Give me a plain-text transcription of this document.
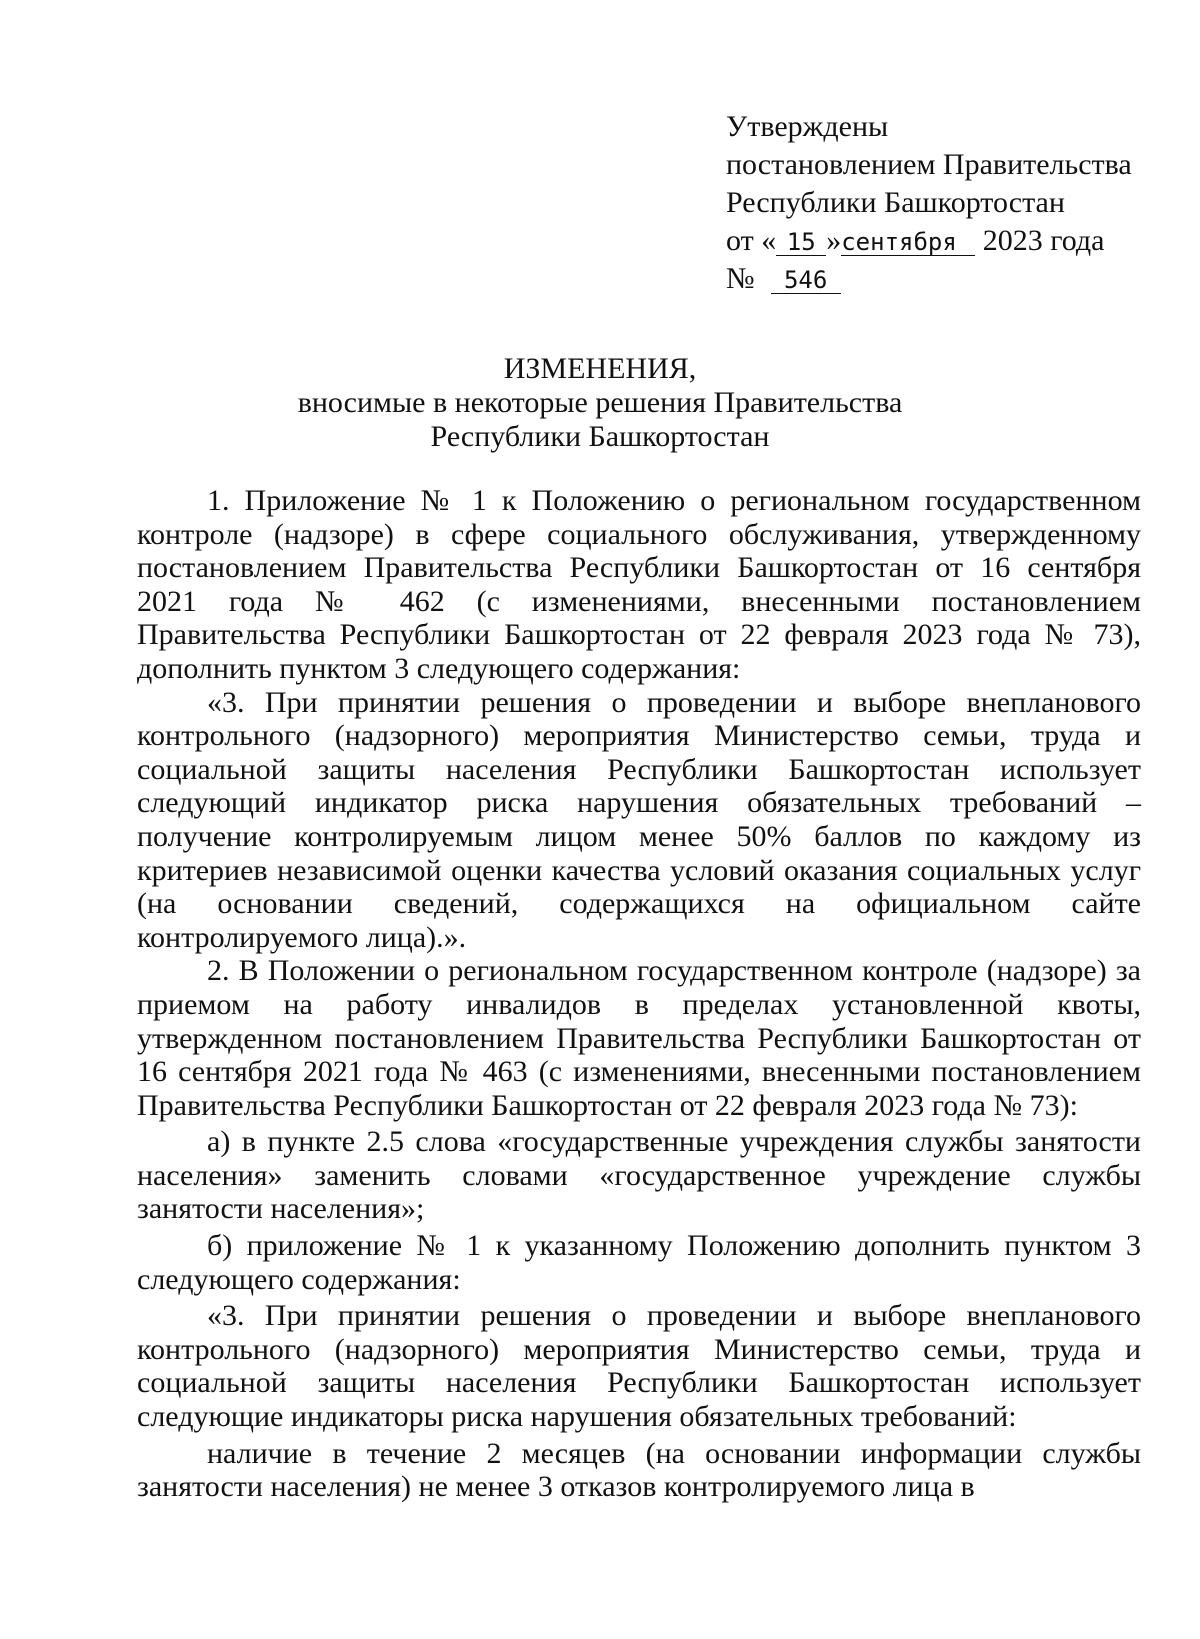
Утверждены
постановлением Правительства
Республики Башкортостан
от « 15 »сентября 2023 года
№ 546
ИЗМЕНЕНИЯ,
вносимые в некоторые решения Правительства
Республики Башкортостан

1. Приложение № 1 к Положению о региональном государственном контроле (надзоре) в сфере социального обслуживания, утвержденному постановлением Правительства Республики Башкортостан от 16 сентября 2021 года № 462 (с изменениями, внесенными постановлением Правительства Республики Башкортостан от 22 февраля 2023 года № 73), дополнить пунктом 3 следующего содержания:

«3. При принятии решения о проведении и выборе внепланового контрольного (надзорного) мероприятия Министерство семьи, труда и социальной защиты населения Республики Башкортостан использует следующий индикатор риска нарушения обязательных требований – получение контролируемым лицом менее 50% баллов по каждому из критериев независимой оценки качества условий оказания социальных услуг (на основании сведений, содержащихся на официальном сайте контролируемого лица).».

2. В Положении о региональном государственном контроле (надзоре) за приемом на работу инвалидов в пределах установленной квоты, утвержденном постановлением Правительства Республики Башкортостан от 16 сентября 2021 года № 463 (с изменениями, внесенными постановлением Правительства Республики Башкортостан от 22 февраля 2023 года № 73):

а) в пункте 2.5 слова «государственные учреждения службы занятости населения» заменить словами «государственное учреждение службы занятости населения»;

б) приложение № 1 к указанному Положению дополнить пунктом 3 следующего содержания:

«3. При принятии решения о проведении и выборе внепланового контрольного (надзорного) мероприятия Министерство семьи, труда и социальной защиты населения Республики Башкортостан использует следующие индикаторы риска нарушения обязательных требований:

наличие в течение 2 месяцев (на основании информации службы занятости населения) не менее 3 отказов контролируемого лица в
